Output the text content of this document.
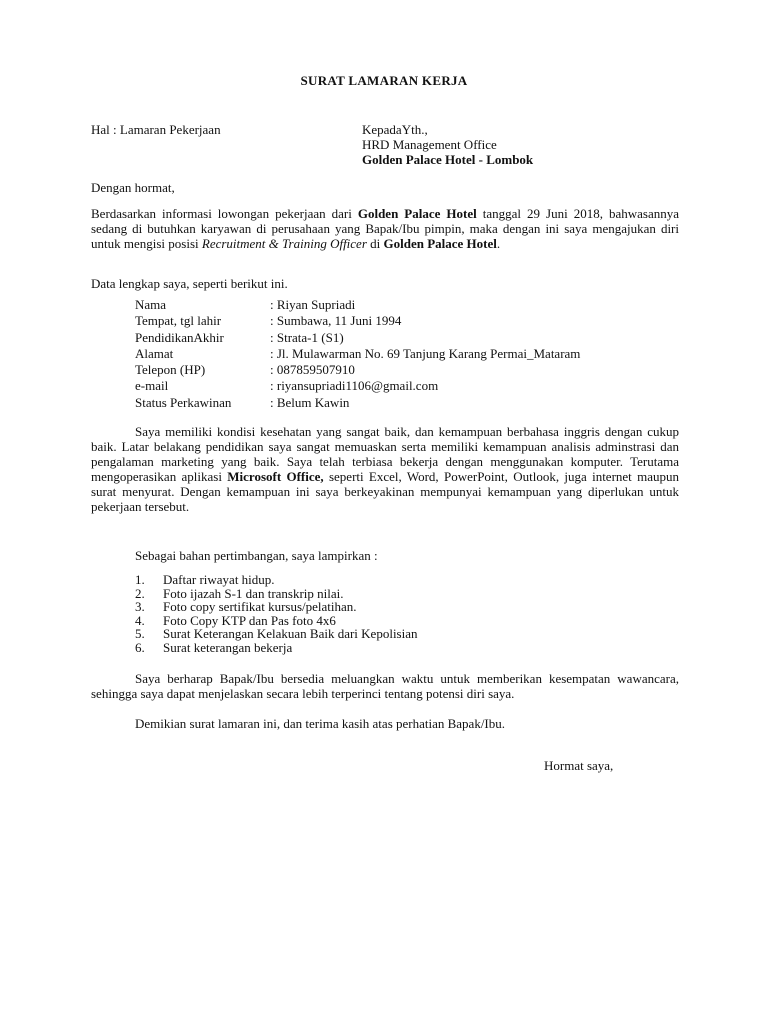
SURAT LAMARAN KERJA
Hal : Lamaran Pekerjaan	KepadaYth.,
HRD Management Office
Golden Palace Hotel - Lombok
Dengan hormat,
Berdasarkan informasi lowongan pekerjaan dari Golden Palace Hotel tanggal 29 Juni 2018, bahwasannya sedang di butuhkan karyawan di perusahaan yang Bapak/Ibu pimpin, maka dengan ini saya mengajukan diri untuk mengisi posisi Recruitment & Training Officer di Golden Palace Hotel.
Data lengkap saya, seperti berikut ini.
Nama	: Riyan Supriadi
Tempat, tgl lahir	: Sumbawa, 11 Juni 1994
PendidikanAkhir	: Strata-1 (S1)
Alamat	: Jl. Mulawarman No. 69 Tanjung Karang Permai_Mataram
Telepon (HP)	: 087859507910
e-mail	: riyansupriadi1106@gmail.com
Status Perkawinan	: Belum Kawin
Saya memiliki kondisi kesehatan yang sangat baik, dan kemampuan berbahasa inggris dengan cukup baik. Latar belakang pendidikan saya sangat memuaskan serta memiliki kemampuan analisis adminstrasi dan pengalaman marketing yang baik. Saya telah terbiasa bekerja dengan menggunakan komputer. Terutama mengoperasikan aplikasi Microsoft Office, seperti Excel, Word, PowerPoint, Outlook, juga internet maupun surat menyurat. Dengan kemampuan ini saya berkeyakinan mempunyai kemampuan yang diperlukan untuk pekerjaan tersebut.
Sebagai bahan pertimbangan, saya lampirkan :
1. Daftar riwayat hidup.
2. Foto ijazah S-1 dan transkrip nilai.
3. Foto copy sertifikat kursus/pelatihan.
4. Foto Copy KTP dan Pas foto 4x6
5. Surat Keterangan Kelakuan Baik dari Kepolisian
6. Surat keterangan bekerja
Saya berharap Bapak/Ibu bersedia meluangkan waktu untuk memberikan kesempatan wawancara, sehingga saya dapat menjelaskan secara lebih terperinci tentang potensi diri saya.
Demikian surat lamaran ini, dan terima kasih atas perhatian Bapak/Ibu.
Hormat saya,
